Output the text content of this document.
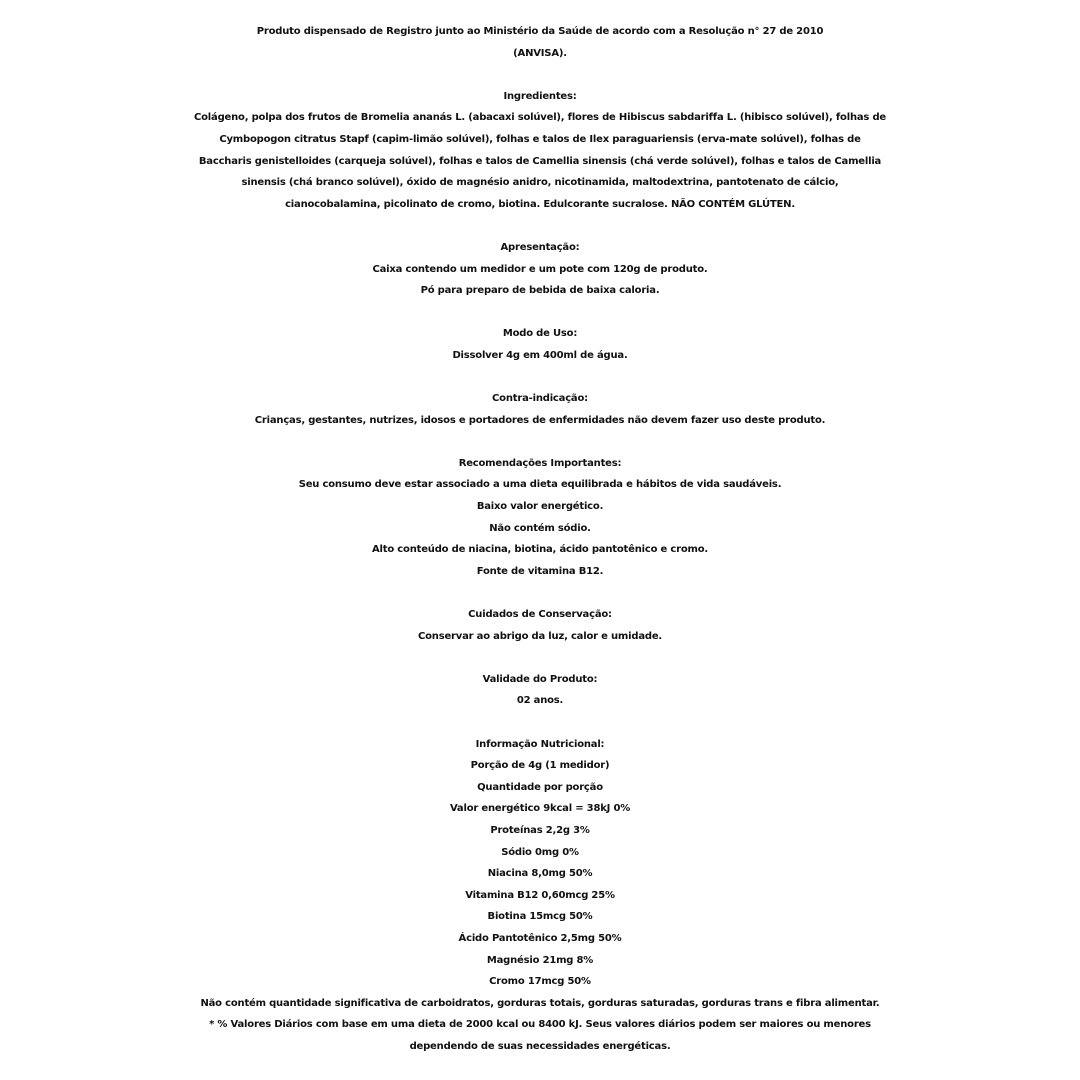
Produto dispensado de Registro junto ao Ministério da Saúde de acordo com a Resolução n° 27 de 2010
(ANVISA).
Ingredientes:
Colágeno, polpa dos frutos de Bromelia ananás L. (abacaxi solúvel), flores de Hibiscus sabdariffa L. (hibisco solúvel), folhas de
Cymbopogon citratus Stapf (capim-limão solúvel), folhas e talos de Ilex paraguariensis (erva-mate solúvel), folhas de
Baccharis genistelloides (carqueja solúvel), folhas e talos de Camellia sinensis (chá verde solúvel), folhas e talos de Camellia
sinensis (chá branco solúvel), óxido de magnésio anidro, nicotinamida, maltodextrina, pantotenato de cálcio,
cianocobalamina, picolinato de cromo, biotina. Edulcorante sucralose. NÃO CONTÉM GLÚTEN.
Apresentação:
Caixa contendo um medidor e um pote com 120g de produto.
Pó para preparo de bebida de baixa caloria.
Modo de Uso:
Dissolver 4g em 400ml de água.
Contra-indicação:
Crianças, gestantes, nutrizes, idosos e portadores de enfermidades não devem fazer uso deste produto.
Recomendações Importantes:
Seu consumo deve estar associado a uma dieta equilibrada e hábitos de vida saudáveis.
Baixo valor energético.
Não contém sódio.
Alto conteúdo de niacina, biotina, ácido pantotênico e cromo.
Fonte de vitamina B12.
Cuidados de Conservação:
Conservar ao abrigo da luz, calor e umidade.
Validade do Produto:
02 anos.
Informação Nutricional:
Porção de 4g (1 medidor)
Quantidade por porção
Valor energético 9kcal = 38kJ 0%
Proteínas 2,2g 3%
Sódio 0mg 0%
Niacina 8,0mg 50%
Vitamina B12 0,60mcg 25%
Biotina 15mcg 50%
Ácido Pantotênico 2,5mg 50%
Magnésio 21mg 8%
Cromo 17mcg 50%
Não contém quantidade significativa de carboidratos, gorduras totais, gorduras saturadas, gorduras trans e fibra alimentar.
* % Valores Diários com base em uma dieta de 2000 kcal ou 8400 kJ. Seus valores diários podem ser maiores ou menores
dependendo de suas necessidades energéticas.
